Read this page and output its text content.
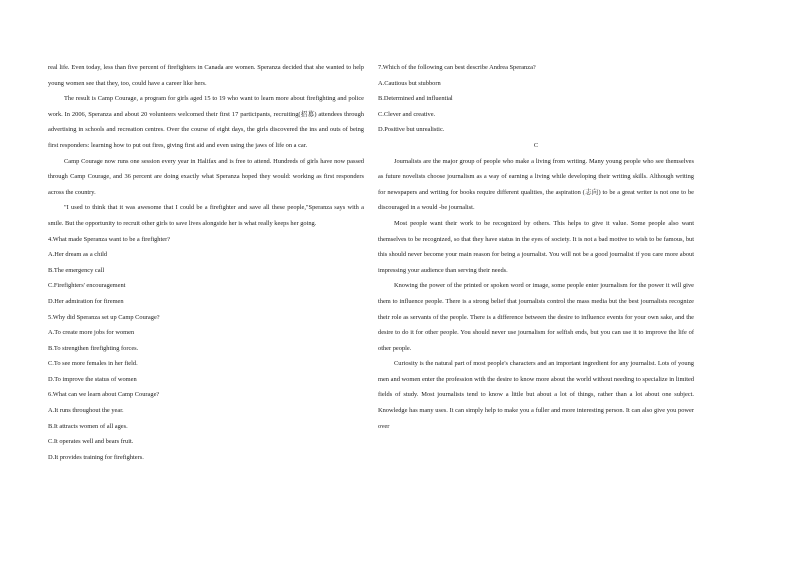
real life. Even today, less than five percent of firefighters in Canada are women. Speranza decided that she wanted to help young women see that they, too, could have a career like hers.

The result is Camp Courage, a program for girls aged 15 to 19 who want to learn more about firefighting and police work. In 2006, Speranza and about 20 volunteers welcomed their first 17 participants, recruiting(招募) attendees through advertising in schools and recreation centres. Over the course of eight days, the girls discovered the ins and outs of being first responders: learning how to put out fires, giving first aid and even using the jaws of life on a car.

Camp Courage now runs one session every year in Halifax and is free to attend. Hundreds of girls have now passed through Camp Courage, and 36 percent are doing exactly what Speranza hoped they would: working as first responders across the country.

"I used to think that it was awesome that I could be a firefighter and save all these people,"Speranza says with a smile. But the opportunity to recruit other girls to save lives alongside her is what really keeps her going.

4.What made Speranza want to be a firefighter?

A.Her dream as a child

B.The emergency call

C.Firefighters' encouragement

D.Her admiration for firemen

5.Why did Speranza set up Camp Courage?

A.To create more jobs for women

B.To strengthen firefighting forces.

C.To see more females in her field.

D.To improve the status of women

6.What can we learn about Camp Courage?

A.It runs throughout the year.

B.It attracts women of all ages.

C.It operates well and bears fruit.

D.It provides training for firefighters.

7.Which of the following can best describe Andrea Speranza?

A.Cautious but stubborn

B.Determined and influential

C.Clever and creative.

D.Positive but unrealistic.

C

Journalists are the major group of people who make a living from writing. Many young people who see themselves as future novelists choose journalism as a way of earning a living while developing their writing skills. Although writing for newspapers and writing for books require different qualities, the aspiration (志向) to be a great writer is not one to be discouraged in a would -be journalist.

Most people want their work to be recognized by others. This helps to give it value. Some people also want themselves to be recognized, so that they have status in the eyes of society. It is not a bad motive to wish to be famous, but this should never become your main reason for being a journalist. You will not be a good journalist if you care more about impressing your audience than serving their needs.

Knowing the power of the printed or spoken word or image, some people enter journalism for the power it will give them to influence people. There is a strong belief that journalists control the mass media but the best journalists recognize their role as servants of the people. There is a difference between the desire to influence events for your own sake, and the desire to do it for other people. You should never use journalism for selfish ends, but you can use it to improve the life of other people.

Curiosity is the natural part of most people's characters and an important ingredient for any journalist. Lots of young men and women enter the profession with the desire to know more about the world without needing to specialize in limited fields of study. Most journalists tend to know a little but about a lot of things, rather than a lot about one subject. Knowledge has many uses. It can simply help to make you a fuller and more interesting person. It can also give you power over
